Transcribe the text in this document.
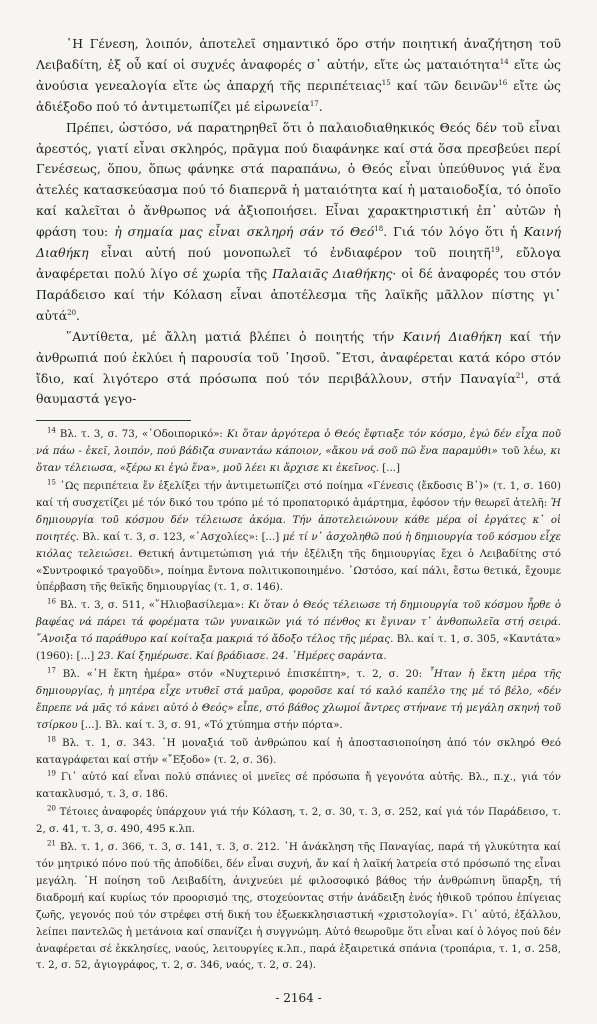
῾Η Γένεση, λοιπόν, ἀποτελεῖ σημαντικό ὅρο στήν ποιητική ἀναζήτηση τοῦ Λειβαδίτη, ἐξ οὗ καί οἱ συχνές ἀναφορές σ᾿ αὐτήν, εἴτε ὡς ματαιότητα$^{14}$ εἴτε ὡς ἀνούσια γενεαλογία εἴτε ὡς ἀπαρχή τῆς περιπέτειας$^{15}$ καί τῶν δεινῶν$^{16}$ εἴτε ὡς ἀδιέξοδο πού τό ἀντιμετωπίζει μέ εἰρωνεία$^{17}$.

Πρέπει, ὡστόσο, νά παρατηρηθεῖ ὅτι ὁ παλαιοδιαθηκικός Θεός δέν τοῦ εἶναι ἀρεστός, γιατί εἶναι σκληρός, πρᾶγμα πού διαφάνηκε καί στά ὅσα πρεσβεύει περί Γενέσεως, ὅπου, ὅπως φάνηκε στά παραπάνω, ὁ Θεός εἶναι ὑπεύθυνος γιά ἕνα ἀτελές κατασκεύασμα πού τό διαπερνᾶ ἡ ματαιότητα καί ἡ ματαιοδοξία, τό ὁποῖο καί καλεῖται ὁ ἄνθρωπος νά ἀξιοποιήσει. Εἶναι χαρακτηριστική ἐπ᾿ αὐτῶν ἡ φράση του: ἡ σημαία μας εἶναι σκληρή σάν τό Θεό$^{18}$. Γιά τόν λόγο ὅτι ἡ Καινή Διαθήκη εἶναι αὐτή πού μονοπωλεῖ τό ἐνδιαφέρον τοῦ ποιητῆ$^{19}$, εὔλογα ἀναφέρεται πολύ λίγο σέ χωρία τῆς Παλαιᾶς Διαθήκης· οἱ δέ ἀναφορές του στόν Παράδεισο καί τήν Κόλαση εἶναι ἀποτέλεσμα τῆς λαϊκῆς μᾶλλον πίστης γι᾿ αὐτά$^{20}$.

῞Αντίθετα, μέ ἄλλη ματιά βλέπει ὁ ποιητής τήν Καινή Διαθήκη καί τήν ἀνθρωπιά πού ἐκλύει ἡ παρουσία τοῦ ᾿Ιησοῦ. ῎Ετσι, ἀναφέρεται κατά κόρο στόν ἴδιο, καί λιγότερο στά πρόσωπα πού τόν περιβάλλουν, στήν Παναγία$^{21}$, στά θαυμαστά γεγο-

$^{14}$ Βλ. τ. 3, σ. 73, «῾Οδοιπορικό»: Κι ὅταν ἀργότερα ὁ Θεός ἔφτιαξε τόν κόσμο, ἐγώ δέν εἶχα ποῦ νά πάω - ἐκεῖ, λοιπόν, πού βάδιζα συναντάω κάποιον, «ἄκου νά σοῦ πῶ ἕνα παραμύθι» τοῦ λέω, κι ὅταν τέλειωσα, «ξέρω κι ἐγώ ἕνα», μοῦ λέει κι ἄρχισε κι ἐκεῖνος. [...]

$^{15}$ ῾Ως περιπέτεια ἔν ἐξελίξει τήν ἀντιμετωπίζει στό ποίημα «Γένεσις (ἔκδοσις Β᾿)» (τ. 1, σ. 160) καί τή συσχετίζει μέ τόν δικό του τρόπο μέ τό προπατορικό ἁμάρτημα, ἐφόσον τήν θεωρεῖ ἀτελῆ: Ἡ δημιουργία τοῦ κόσμου δέν τέλειωσε ἀκόμα. Τήν ἀποτελειώνουν κάθε μέρα οἱ ἐργάτες κ᾿ οἱ ποιητές. Βλ. καί τ. 3, σ. 123, «᾿Ασχολίες»: [...] μέ τί ν᾿ ἀσχοληθῶ πού ἡ δημιουργία τοῦ κόσμου εἶχε κιόλας τελειώσει. Θετική ἀντιμετώπιση γιά τήν ἐξέλιξη τῆς δημιουργίας ἔχει ὁ Λειβαδίτης στό «Συντροφικό τραγοῦδι», ποίημα ἔντονα πολιτικοποιημένο. ᾿Ωστόσο, καί πάλι, ἔστω θετικά, ἔχουμε ὑπέρβαση τῆς θεϊκῆς δημιουργίας (τ. 1, σ. 146).

$^{16}$ Βλ. τ. 3, σ. 511, «῞Ηλιοβασίλεμα»: Κι ὅταν ὁ Θεός τέλειωσε τή δημιουργία τοῦ κόσμου ἦρθε ὁ βαφέας νά πάρει τά φορέματα τῶν γυναικῶν γιά τό πένθος κι ἔγιναν τ᾿ ἀνθοπωλεῖα στή σειρά. ῎Ανοιξα τό παράθυρο καί κοίταξα μακριά τό ἄδοξο τέλος τῆς μέρας. Βλ. καί τ. 1, σ. 305, «Καντάτα» (1960): [...] 23. Καί ξημέρωσε. Καί βράδιασε. 24. ῾Ημέρες σαράντα.

$^{17}$ Βλ. «῾Η ἕκτη ἡμέρα» στόν «Νυχτερινό ἐπισκέπτη», τ. 2, σ. 20: ῏Ηταν ἡ ἕκτη μέρα τῆς δημιουργίας, ἡ μητέρα εἶχε ντυθεῖ στά μαῦρα, φοροῦσε καί τό καλό καπέλο της μέ τό βέλο, «δέν ἔπρεπε νά μᾶς τό κάνει αὐτό ὁ Θεός» εἶπε, στό βάθος χλωμοί ἄντρες στήνανε τή μεγάλη σκηνή τοῦ τσίρκου [...]. Βλ. καί τ. 3, σ. 91, «Τό χτύπημα στήν πόρτα».

$^{18}$ Βλ. τ. 1, σ. 343. ῾Η μοναξιά τοῦ ἀνθρώπου καί ἡ ἀποστασιοποίηση ἀπό τόν σκληρό Θεό καταγράφεται καί στήν «῎Εξοδο» (τ. 2, σ. 36).

$^{19}$ Γι᾿ αὐτό καί εἶναι πολύ σπάνιες οἱ μνεῖες σέ πρόσωπα ἤ γεγονότα αὐτῆς. Βλ., π.χ., γιά τόν κατακλυσμό, τ. 3, σ. 186.

$^{20}$ Τέτοιες ἀναφορές ὑπάρχουν γιά τήν Κόλαση, τ. 2, σ. 30, τ. 3, σ. 252, καί γιά τόν Παράδεισο, τ. 2, σ. 41, τ. 3, σ. 490, 495 κ.λπ.

$^{21}$ Βλ. τ. 1, σ. 366, τ. 3, σ. 141, τ. 3, σ. 212. ῾Η ἀνάκληση τῆς Παναγίας, παρά τή γλυκύτητα καί τόν μητρικό πόνο πού τῆς ἀποδίδει, δέν εἶναι συχνή, ἄν καί ἡ λαϊκή λατρεία στό πρόσωπό της εἶναι μεγάλη. ῾Η ποίηση τοῦ Λειβαδίτη, ἀνιχνεύει μέ φιλοσοφικό βάθος τήν ἀνθρώπινη ὕπαρξη, τή διαδρομή καί κυρίως τόν προορισμό της, στοχεύοντας στήν ἀνάδειξη ἑνός ἠθικοῦ τρόπου ἐπίγειας ζωῆς, γεγονός πού τόν στρέφει στή δική του ἐξωεκκλησιαστική «χριστολογία». Γι᾿ αὐτό, ἐξάλλου, λείπει παντελῶς ἡ μετάνοια καί σπανίζει ἡ συγγνώμη. Αὐτό θεωροῦμε ὅτι εἶναι καί ὁ λόγος πού δέν ἀναφέρεται σέ ἐκκλησίες, ναούς, λειτουργίες κ.λπ., παρά ἐξαιρετικά σπάνια (τροπάρια, τ. 1, σ. 258, τ. 2, σ. 52, ἁγιογράφος, τ. 2, σ. 346, ναός, τ. 2, σ. 24).

- 2164 -
